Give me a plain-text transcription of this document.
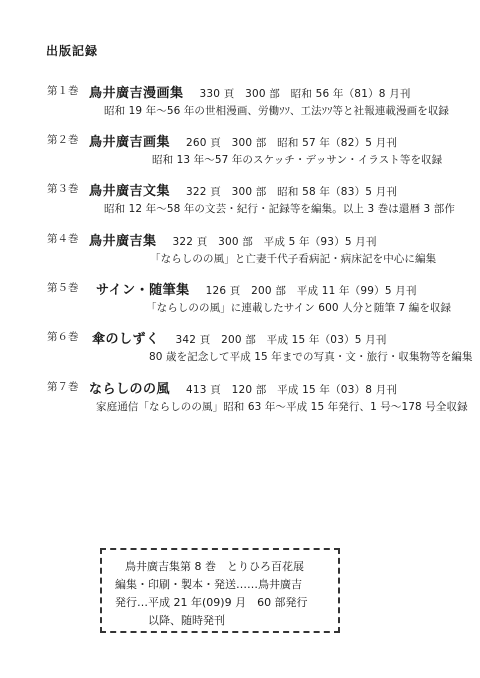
出版記録
第１巻 鳥井廣吉漫画集 330 頁　300 部　昭和 56 年（81）8 月刊
昭和 19 年〜56 年の世相漫画、労働ｿｿ、工法ｿｿ等と社報連載漫画を収録
第２巻 鳥井廣吉画集 260 頁　300 部　昭和 57 年（82）5 月刊
昭和 13 年〜57 年のスケッチ・デッサン・イラスト等を収録
第３巻 鳥井廣吉文集 322 頁　300 部　昭和 58 年（83）5 月刊
昭和 12 年〜58 年の文芸・紀行・記録等を編集。以上 3 巻は還暦 3 部作
第４巻 鳥井廣吉集 322 頁　300 部　平成 5 年（93）5 月刊
「ならしのの風」と亡妻千代子看病記・病床記を中心に編集
第５巻 サイン・随筆集 126 頁　200 部　平成 11 年（99）5 月刊
「ならしのの風」に連載したサイン 600 人分と随筆 7 編を収録
第６巻 傘のしずく 342 頁　200 部　平成 15 年（03）5 月刊
80 歳を記念して平成 15 年までの写真・文・旅行・収集物等を編集
第７巻 ならしのの風 413 頁　120 部　平成 15 年（03）8 月刊
家庭通信「ならしのの風」昭和 63 年〜平成 15 年発行、1 号〜178 号全収録
鳥井廣吉集第 8 巻　とりひろ百花展
編集・印刷・製本・発送……鳥井廣吉
発行…平成 21 年(09)9 月　60 部発行
以降、随時発刊
